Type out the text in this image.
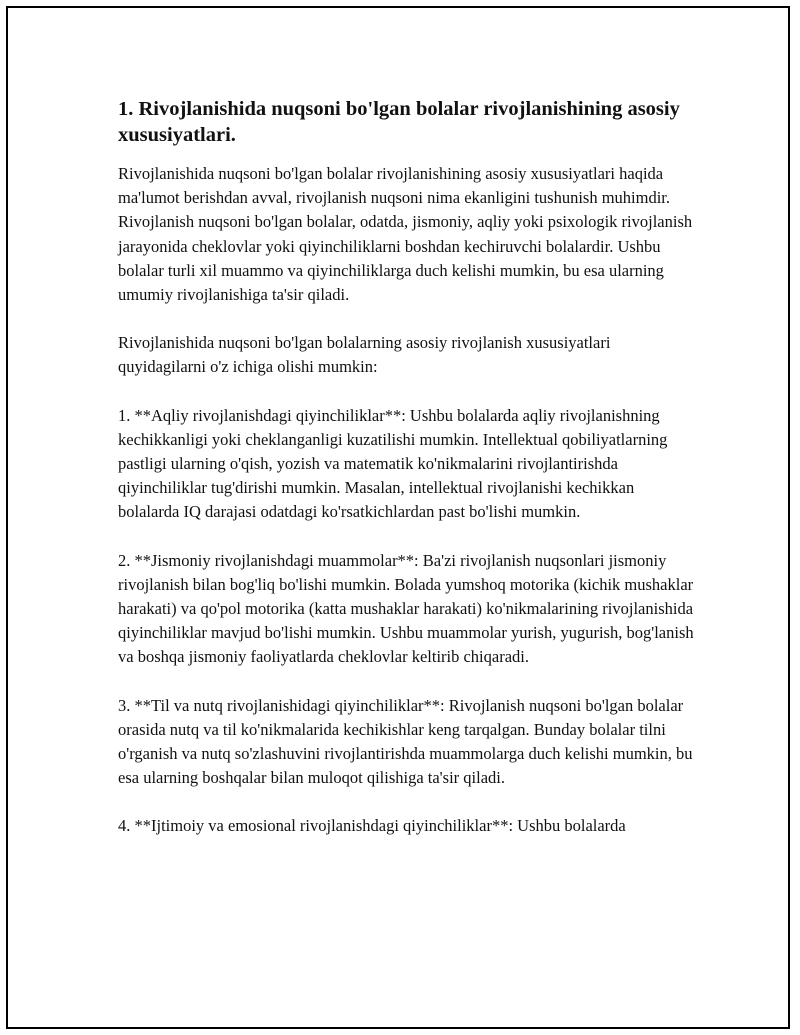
1. Rivojlanishida nuqsoni bo'lgan bolalar rivojlanishining asosiy xususiyatlari.

Rivojlanishida nuqsoni bo'lgan bolalar rivojlanishining asosiy xususiyatlari haqida ma'lumot berishdan avval, rivojlanish nuqsoni nima ekanligini tushunish muhimdir. Rivojlanish nuqsoni bo'lgan bolalar, odatda, jismoniy, aqliy yoki psixologik rivojlanish jarayonida cheklovlar yoki qiyinchiliklarni boshdan kechiruvchi bolalardir. Ushbu bolalar turli xil muammo va qiyinchiliklarga duch kelishi mumkin, bu esa ularning umumiy rivojlanishiga ta'sir qiladi.

Rivojlanishida nuqsoni bo'lgan bolalarning asosiy rivojlanish xususiyatlari quyidagilarni o'z ichiga olishi mumkin:

1. **Aqliy rivojlanishdagi qiyinchiliklar**: Ushbu bolalarda aqliy rivojlanishning kechikkanligi yoki cheklanganligi kuzatilishi mumkin. Intellektual qobiliyatlarning pastligi ularning o'qish, yozish va matematik ko'nikmalarini rivojlantirishda qiyinchiliklar tug'dirishi mumkin. Masalan, intellektual rivojlanishi kechikkan bolalarda IQ darajasi odatdagi ko'rsatkichlardan past bo'lishi mumkin.

2. **Jismoniy rivojlanishdagi muammolar**: Ba'zi rivojlanish nuqsonlari jismoniy rivojlanish bilan bog'liq bo'lishi mumkin. Bolada yumshoq motorika (kichik mushaklar harakati) va qo'pol motorika (katta mushaklar harakati) ko'nikmalarining rivojlanishida qiyinchiliklar mavjud bo'lishi mumkin. Ushbu muammolar yurish, yugurish, bog'lanish va boshqa jismoniy faoliyatlarda cheklovlar keltirib chiqaradi.

3. **Til va nutq rivojlanishidagi qiyinchiliklar**: Rivojlanish nuqsoni bo'lgan bolalar orasida nutq va til ko'nikmalarida kechikishlar keng tarqalgan. Bunday bolalar tilni o'rganish va nutq so'zlashuvini rivojlantirishda muammolarga duch kelishi mumkin, bu esa ularning boshqalar bilan muloqot qilishiga ta'sir qiladi.

4. **Ijtimoiy va emosional rivojlanishdagi qiyinchiliklar**: Ushbu bolalarda
